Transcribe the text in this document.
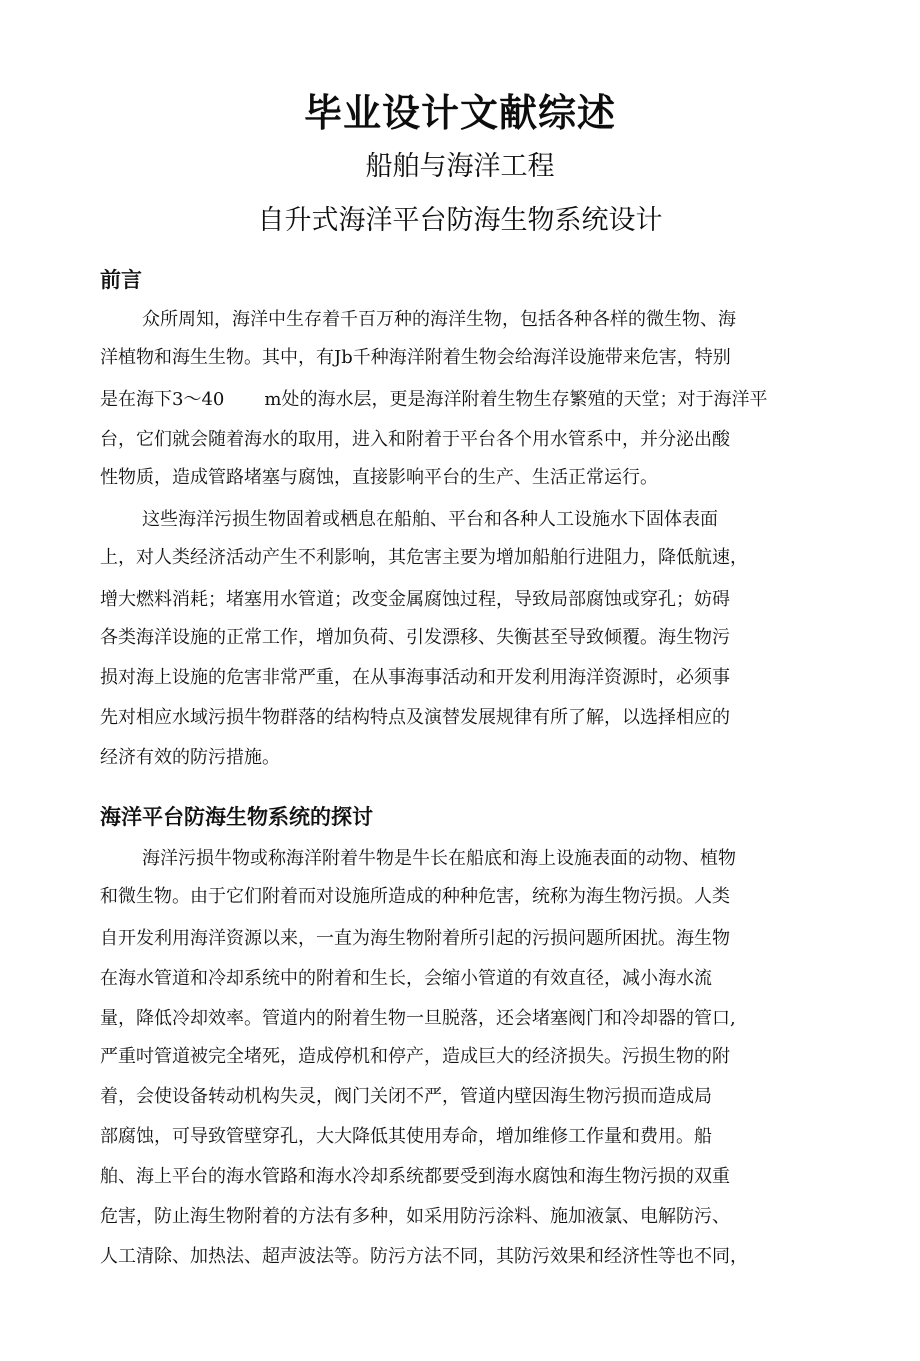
毕业设计文献综述
船舶与海洋工程
自升式海洋平台防海生物系统设计
前言
众所周知，海洋中生存着千百万种的海洋生物，包括各种各样的微生物、海
洋植物和海生生物。其中，有Jb千种海洋附着生物会给海洋设施带来危害，特别
是在海下3～40       m处的海水层，更是海洋附着生物生存繁殖的天堂；对于海洋平
台，它们就会随着海水的取用，进入和附着于平台各个用水管系中，并分泌出酸
性物质，造成管路堵塞与腐蚀，直接影响平台的生产、生活正常运行。
这些海洋污损生物固着或栖息在船舶、平台和各种人工设施水下固体表面
上，对人类经济活动产生不利影响，其危害主要为增加船舶行进阻力，降低航速，
增大燃料消耗；堵塞用水管道；改变金属腐蚀过程，导致局部腐蚀或穿孔；妨碍
各类海洋设施的正常工作，增加负荷、引发漂移、失衡甚至导致倾覆。海生物污
损对海上设施的危害非常严重，在从事海事活动和开发利用海洋资源时，必须事
先对相应水域污损牛物群落的结构特点及演替发展规律有所了解，以选择相应的
经济有效的防污措施。
海洋平台防海生物系统的探讨
海洋污损牛物或称海洋附着牛物是牛长在船底和海上设施表面的动物、植物
和微生物。由于它们附着而对设施所造成的种种危害，统称为海生物污损。人类
自开发利用海洋资源以来，一直为海生物附着所引起的污损问题所困扰。海生物
在海水管道和冷却系统中的附着和生长，会缩小管道的有效直径，减小海水流
量，降低冷却效率。管道内的附着生物一旦脱落，还会堵塞阀门和冷却器的管口,
严重吋管道被完全堵死，造成停机和停产，造成巨大的经济损失。污损生物的附
着，会使设备转动机构失灵，阀门关闭不严，管道内壁因海生物污损而造成局
部腐蚀，可导致管壁穿孔，大大降低其使用寿命，增加维修工作量和费用。船
舶、海上平台的海水管路和海水冷却系统都要受到海水腐蚀和海生物污损的双重
危害，防止海生物附着的方法有多种，如采用防污涂料、施加液氯、电解防污、
人工清除、加热法、超声波法等。防污方法不同，其防污效果和经济性等也不同，
